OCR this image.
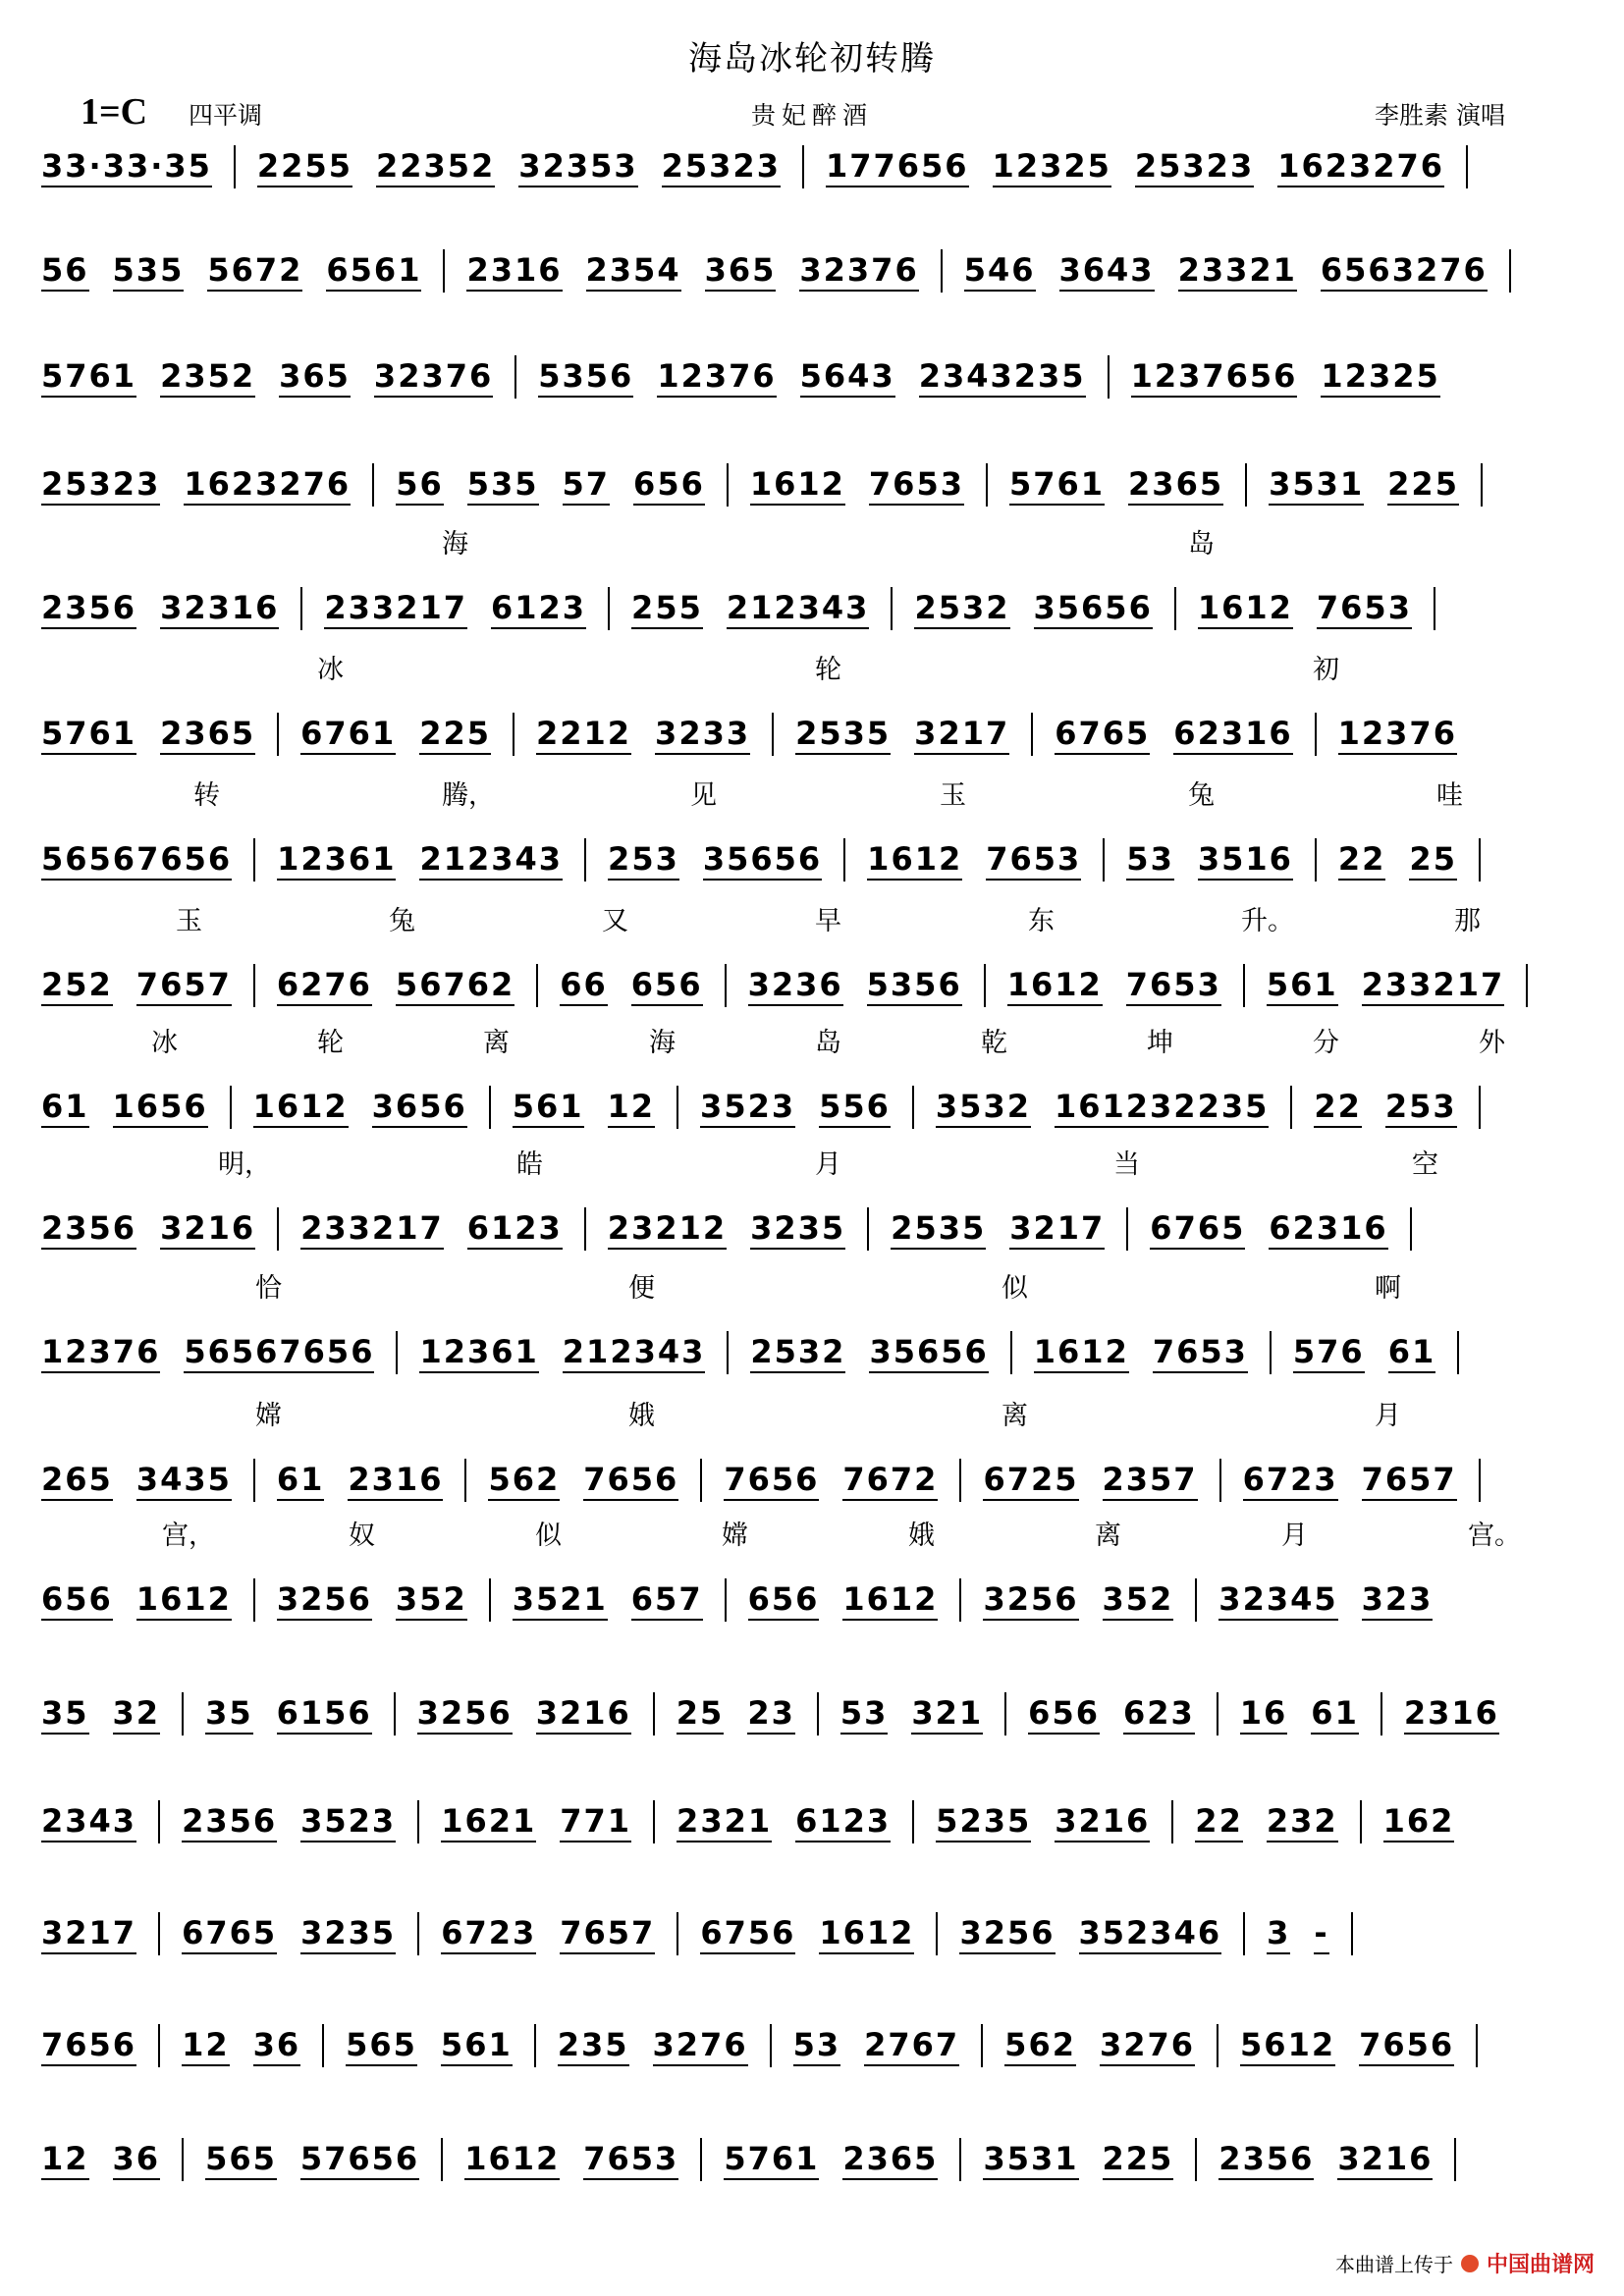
海岛冰轮初转腾
1=C 四平调	贵妃醉酒	李胜素 演唱
33·33·35 2255 22352 32353 25323 177656 12325 25323 1623276
56 535 5672 6561 2316 2354 365 32376 546 3643 23321 6563276
5761 2352 365 32376 5356 12376 5643 2343235 1237656 12325
25323 1623276 56 535 57 656 1612 7653 5761 2365 3531 225
2356 32316 233217 6123 255 212343 2532 35656 1612 7653
5761 2365 6761 225 2212 3233 2535 3217 6765 62316 12376
56567656 12361 212343 253 35656 1612 7653 53 3516 22 25
252 7657 6276 56762 66 656 3236 5356 1612 7653 561 233217
61 1656 1612 3656 561 12 3523 556 3532 161232235 22 253
2356 3216 233217 6123 23212 3235 2535 3217 6765 62316
12376 56567656 12361 212343 2532 35656 1612 7653 576 61
265 3435 61 2316 562 7656 7656 7672 6725 2357 6723 7657
656 1612 3256 352 3521 657 656 1612 3256 352 32345 323
35 32 35 6156 3256 3216 25 23 53 321 656 623 16 61 2316
2343 2356 3523 1621 771 2321 6123 5235 3216 22 232 162
3217 6765 3235 6723 7657 6756 1612 3256 352346 3 -
7656 12 36 565 561 235 3276 53 2767 562 3276 5612 7656
12 36 565 57656 1612 7653 5761 2365 3531 225 2356 3216
海	岛
冰	轮	初
转	腾，	见	玉	兔	哇
玉	兔	又	早	东	升。	那
冰	轮	离	海	岛	乾	坤	分	外
明，	皓	月	当	空
恰	便	似	啊
嫦	娥	离	月
宫，	奴	似	嫦	娥	离	月	宫。
本曲谱上传于 中国曲谱网
